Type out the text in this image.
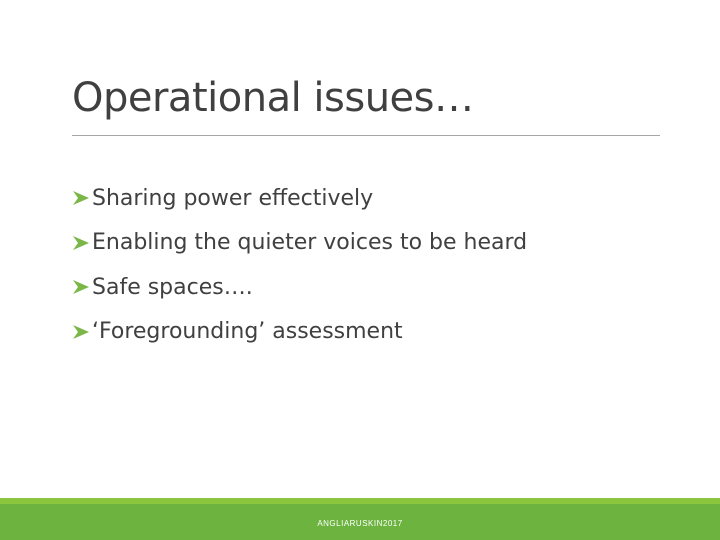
Operational issues…
Sharing power effectively
Enabling the quieter voices to be heard
Safe spaces….
‘Foregrounding’ assessment
ANGLIARUSKIN2017
